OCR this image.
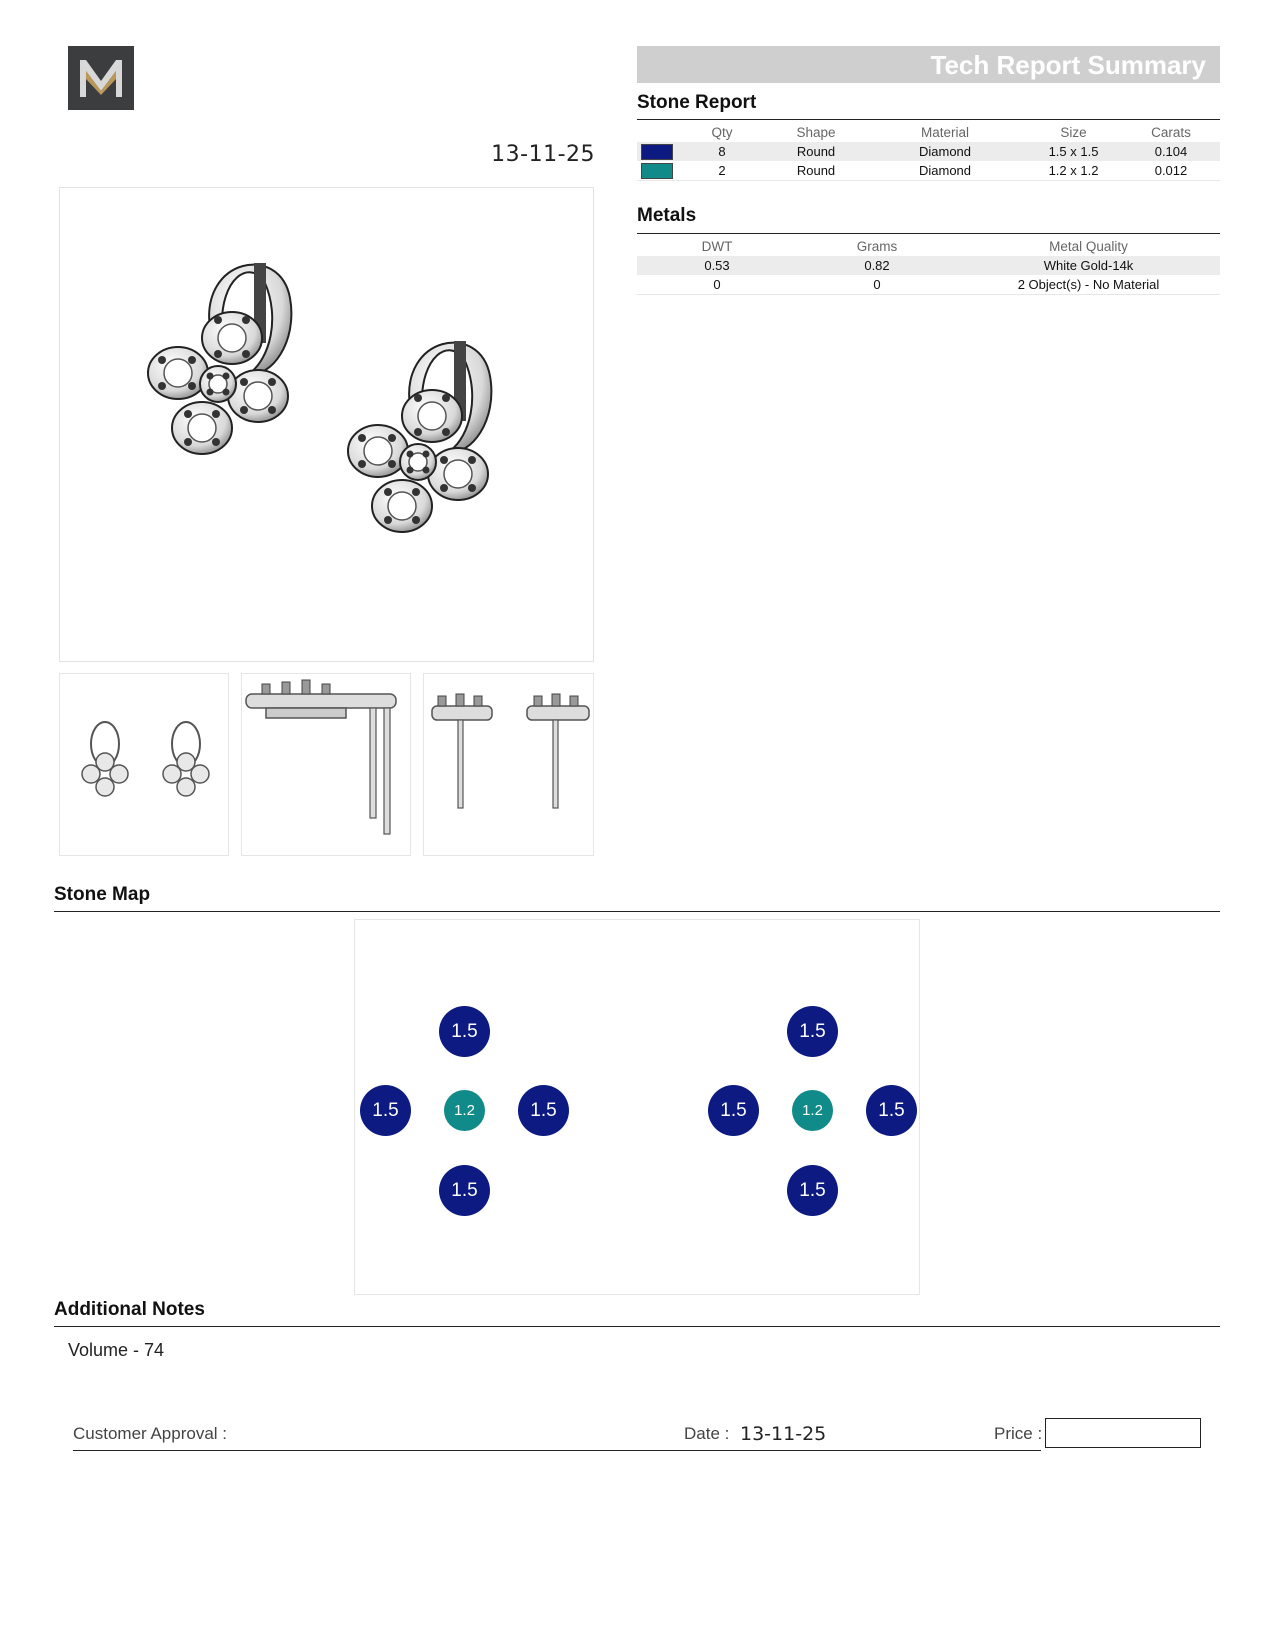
13-11-25
Tech Report Summary
Stone Report
	Qty	Shape	Material	Size	Carats
	8	Round	Diamond	1.5 x 1.5	0.104
	2	Round	Diamond	1.2 x 1.2	0.012
Metals
DWT	Grams	Metal Quality
0.53	0.82	White Gold-14k
0	0	2 Object(s) - No Material
Stone Map
1.5
1.5	1.2	1.5
1.5
1.5
1.5	1.2	1.5
1.5
Additional Notes
Volume - 74
Customer Approval :	Date : 13-11-25	Price :
